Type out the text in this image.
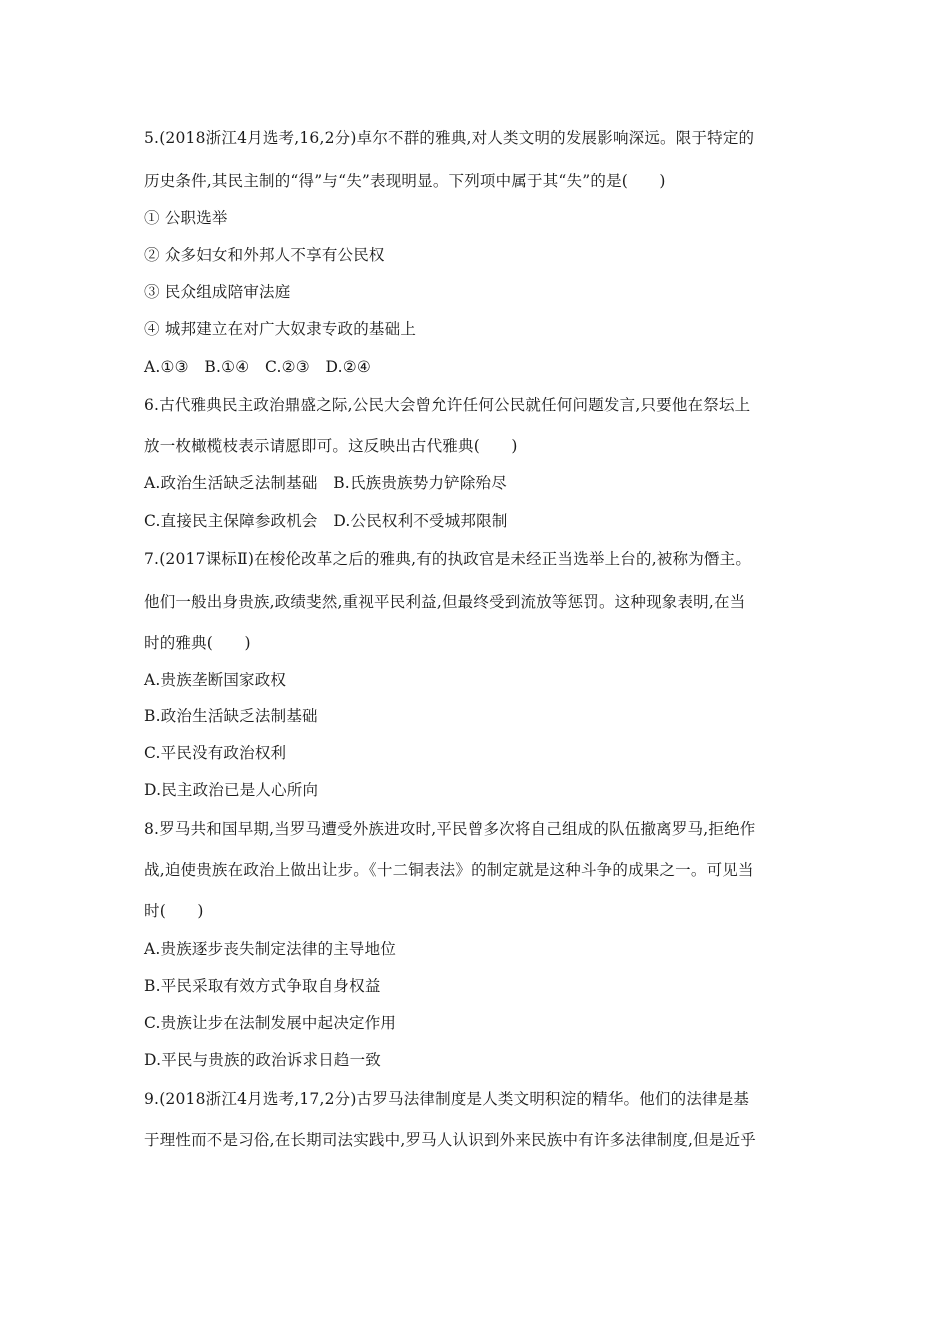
5.(2018浙江4月选考,16,2分)卓尔不群的雅典,对人类文明的发展影响深远。限于特定的
历史条件,其民主制的“得”与“失”表现明显。下列项中属于其“失”的是(　　)
① 公职选举
② 众多妇女和外邦人不享有公民权
③ 民众组成陪审法庭
④ 城邦建立在对广大奴隶专政的基础上
A.①③　B.①④　C.②③　D.②④
6.古代雅典民主政治鼎盛之际,公民大会曾允许任何公民就任何问题发言,只要他在祭坛上
放一枚橄榄枝表示请愿即可。这反映出古代雅典(　　)
A.政治生活缺乏法制基础　B.氏族贵族势力铲除殆尽
C.直接民主保障参政机会　D.公民权利不受城邦限制
7.(2017课标Ⅱ)在梭伦改革之后的雅典,有的执政官是未经正当选举上台的,被称为僭主。
他们一般出身贵族,政绩斐然,重视平民利益,但最终受到流放等惩罚。这种现象表明,在当
时的雅典(　　)
A.贵族垄断国家政权
B.政治生活缺乏法制基础
C.平民没有政治权利
D.民主政治已是人心所向
8.罗马共和国早期,当罗马遭受外族进攻时,平民曾多次将自己组成的队伍撤离罗马,拒绝作
战,迫使贵族在政治上做出让步。《十二铜表法》的制定就是这种斗争的成果之一。可见当
时(　　)
A.贵族逐步丧失制定法律的主导地位
B.平民采取有效方式争取自身权益
C.贵族让步在法制发展中起决定作用
D.平民与贵族的政治诉求日趋一致
9.(2018浙江4月选考,17,2分)古罗马法律制度是人类文明积淀的精华。他们的法律是基
于理性而不是习俗,在长期司法实践中,罗马人认识到外来民族中有许多法律制度,但是近乎
